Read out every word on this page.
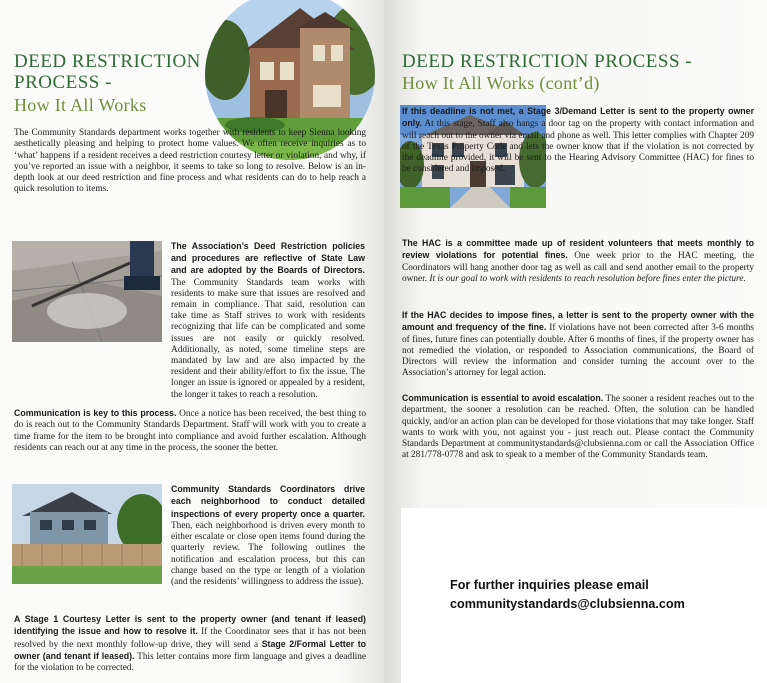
DEED RESTRICTION
PROCESS -
How It All Works

The Community Standards department works together with residents to keep Sienna looking aesthetically pleasing and helping to protect home values. We often receive inquiries as to ‘what’ happens if a resident receives a deed restriction courtesy letter or violation, and why, if you’ve reported an issue with a neighbor, it seems to take so long to resolve. Below is an in-depth look at our deed restriction and fine process and what residents can do to help reach a quick resolution to items.

The Association’s Deed Restriction policies and procedures are reflective of State Law and are adopted by the Boards of Directors. The Community Standards team works with residents to make sure that issues are resolved and remain in compliance. That said, resolution can take time as Staff strives to work with residents recognizing that life can be complicated and some issues are not easily or quickly resolved. Additionally, as noted, some timeline steps are mandated by law and are also impacted by the resident and their ability/effort to fix the issue. The longer an issue is ignored or appealed by a resident, the longer it takes to reach a resolution.

Communication is key to this process. Once a notice has been received, the best thing to do is reach out to the Community Standards Department. Staff will work with you to create a time frame for the item to be brought into compliance and avoid further escalation. Although residents can reach out at any time in the process, the sooner the better.

Community Standards Coordinators drive each neighborhood to conduct detailed inspections of every property once a quarter. Then, each neighborhood is driven every month to either escalate or close open items found during the quarterly review. The following outlines the notification and escalation process, but this can change based on the type or length of a violation (and the residents’ willingness to address the issue).

A Stage 1 Courtesy Letter is sent to the property owner (and tenant if leased) identifying the issue and how to resolve it. If the Coordinator sees that it has not been resolved by the next monthly follow-up drive, they will send a Stage 2/Formal Letter to owner (and tenant if leased). This letter contains more firm language and gives a deadline for the violation to be corrected.

DEED RESTRICTION PROCESS -
How It All Works (cont’d)

If this deadline is not met, a Stage 3/Demand Letter is sent to the property owner only. At this stage, Staff also hangs a door tag on the property with contact information and will reach out to the owner via email and phone as well. This letter complies with Chapter 209 of the Texas Property Code and lets the owner know that if the violation is not corrected by the deadline provided, it will be sent to the Hearing Advisory Committee (HAC) for fines to be considered and imposed.

The HAC is a committee made up of resident volunteers that meets monthly to review violations for potential fines. One week prior to the HAC meeting, the Coordinators will hang another door tag as well as call and send another email to the property owner. It is our goal to work with residents to reach resolution before fines enter the picture.

If the HAC decides to impose fines, a letter is sent to the property owner with the amount and frequency of the fine. If violations have not been corrected after 3-6 months of fines, future fines can potentially double. After 6 months of fines, if the property owner has not remedied the violation, or responded to Association communications, the Board of Directors will review the information and consider turning the account over to the Association’s attorney for legal action.

Communication is essential to avoid escalation. The sooner a resident reaches out to the department, the sooner a resolution can be reached. Often, the solution can be handled quickly, and/or an action plan can be developed for those violations that may take longer. Staff wants to work with you, not against you - just reach out. Please contact the Community Standards Department at communitystandards@clubsienna.com or call the Association Office at 281/778-0778 and ask to speak to a member of the Community Standards team.

For further inquiries please email
communitystandards@clubsienna.com
